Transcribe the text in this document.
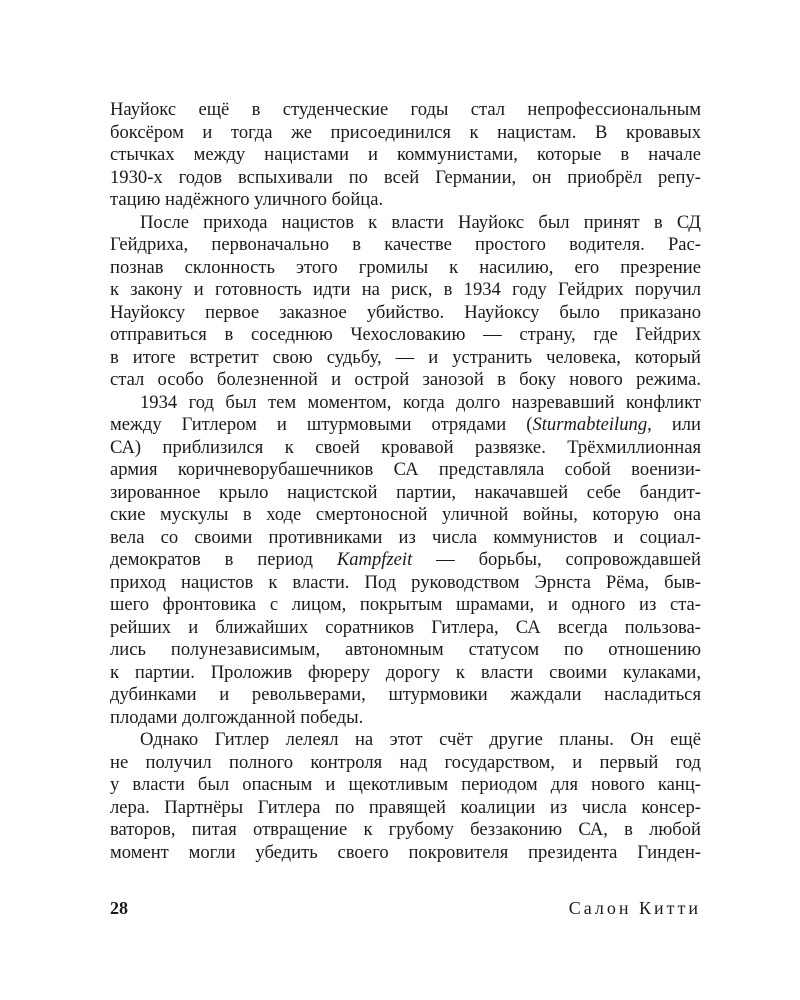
Науйокс ещё в студенческие годы стал непрофессиональным
боксёром и тогда же присоединился к нацистам. В кровавых
стычках между нацистами и коммунистами, которые в начале
1930-х годов вспыхивали по всей Германии, он приобрёл репу-
тацию надёжного уличного бойца.
После прихода нацистов к власти Науйокс был принят в СД
Гейдриха, первоначально в качестве простого водителя. Рас-
познав склонность этого громилы к насилию, его презрение
к закону и готовность идти на риск, в 1934 году Гейдрих поручил
Науйоксу первое заказное убийство. Науйоксу было приказано
отправиться в соседнюю Чехословакию — страну, где Гейдрих
в итоге встретит свою судьбу, — и устранить человека, который
стал особо болезненной и острой занозой в боку нового режима.
1934 год был тем моментом, когда долго назревавший конфликт
между Гитлером и штурмовыми отрядами (Sturmabteilung, или
СА) приблизился к своей кровавой развязке. Трёхмиллионная
армия коричневорубашечников СА представляла собой военизи-
зированное крыло нацистской партии, накачавшей себе бандит-
ские мускулы в ходе смертоносной уличной войны, которую она
вела со своими противниками из числа коммунистов и социал-
демократов в период Kampfzeit — борьбы, сопровождавшей
приход нацистов к власти. Под руководством Эрнста Рёма, быв-
шего фронтовика с лицом, покрытым шрамами, и одного из ста-
рейших и ближайших соратников Гитлера, СА всегда пользова-
лись полунезависимым, автономным статусом по отношению
к партии. Проложив фюреру дорогу к власти своими кулаками,
дубинками и револьверами, штурмовики жаждали насладиться
плодами долгожданной победы.
Однако Гитлер лелеял на этот счёт другие планы. Он ещё
не получил полного контроля над государством, и первый год
у власти был опасным и щекотливым периодом для нового канц-
лера. Партнёры Гитлера по правящей коалиции из числа консер-
ваторов, питая отвращение к грубому беззаконию СА, в любой
момент могли убедить своего покровителя президента Гинден-
28	Салон Китти
